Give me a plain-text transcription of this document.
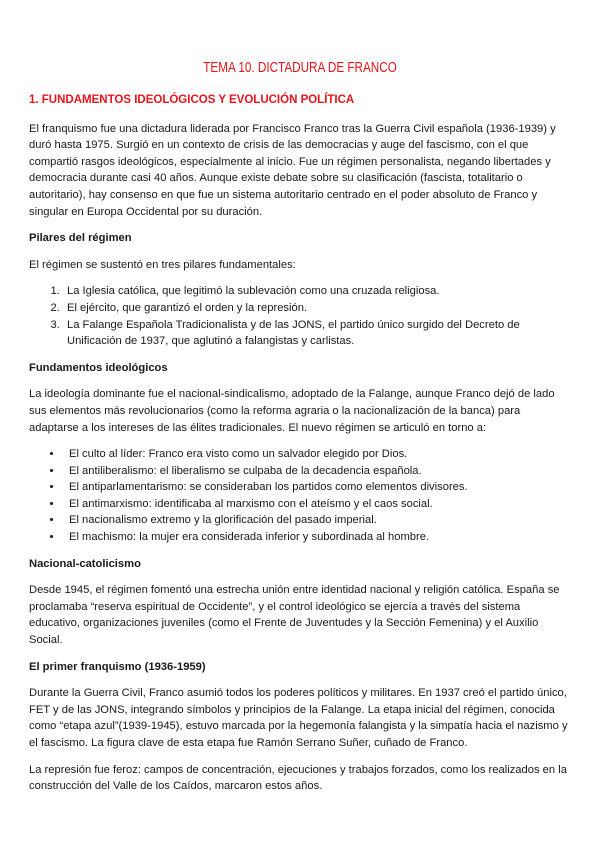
TEMA 10. DICTADURA DE FRANCO
1. FUNDAMENTOS IDEOLÓGICOS Y EVOLUCIÓN POLÍTICA
El franquismo fue una dictadura liderada por Francisco Franco tras la Guerra Civil española (1936-1939) y duró hasta 1975. Surgió en un contexto de crisis de las democracias y auge del fascismo, con el que compartió rasgos ideológicos, especialmente al inicio. Fue un régimen personalista, negando libertades y democracia durante casi 40 años. Aunque existe debate sobre su clasificación (fascista, totalitario o autoritario), hay consenso en que fue un sistema autoritario centrado en el poder absoluto de Franco y singular en Europa Occidental por su duración.
Pilares del régimen
El régimen se sustentó en tres pilares fundamentales:
1. La Iglesia católica, que legitimó la sublevación como una cruzada religiosa.
2. El ejército, que garantizó el orden y la represión.
3. La Falange Española Tradicionalista y de las JONS, el partido único surgido del Decreto de Unificación de 1937, que aglutinó a falangistas y carlistas.
Fundamentos ideológicos
La ideología dominante fue el nacional-sindicalismo, adoptado de la Falange, aunque Franco dejó de lado sus elementos más revolucionarios (como la reforma agraria o la nacionalización de la banca) para adaptarse a los intereses de las élites tradicionales. El nuevo régimen se articuló en torno a:
• El culto al líder: Franco era visto como un salvador elegido por Dios.
• El antiliberalismo: el liberalismo se culpaba de la decadencia española.
• El antiparlamentarismo: se consideraban los partidos como elementos divisores.
• El antimarxismo: identificaba al marxismo con el ateísmo y el caos social.
• El nacionalismo extremo y la glorificación del pasado imperial.
• El machismo: la mujer era considerada inferior y subordinada al hombre.
Nacional-catolicismo
Desde 1945, el régimen fomentó una estrecha unión entre identidad nacional y religión católica. España se proclamaba “reserva espiritual de Occidente”, y el control ideológico se ejercía a través del sistema educativo, organizaciones juveniles (como el Frente de Juventudes y la Sección Femenina) y el Auxilio Social.
El primer franquismo (1936-1959)
Durante la Guerra Civil, Franco asumió todos los poderes políticos y militares. En 1937 creó el partido único, FET y de las JONS, integrando símbolos y principios de la Falange. La etapa inicial del régimen, conocida como “etapa azul”(1939-1945), estuvo marcada por la hegemonía falangista y la simpatía hacia el nazismo y el fascismo. La figura clave de esta etapa fue Ramón Serrano Suñer, cuñado de Franco.
La represión fue feroz: campos de concentración, ejecuciones y trabajos forzados, como los realizados en la construcción del Valle de los Caídos, marcaron estos años.
